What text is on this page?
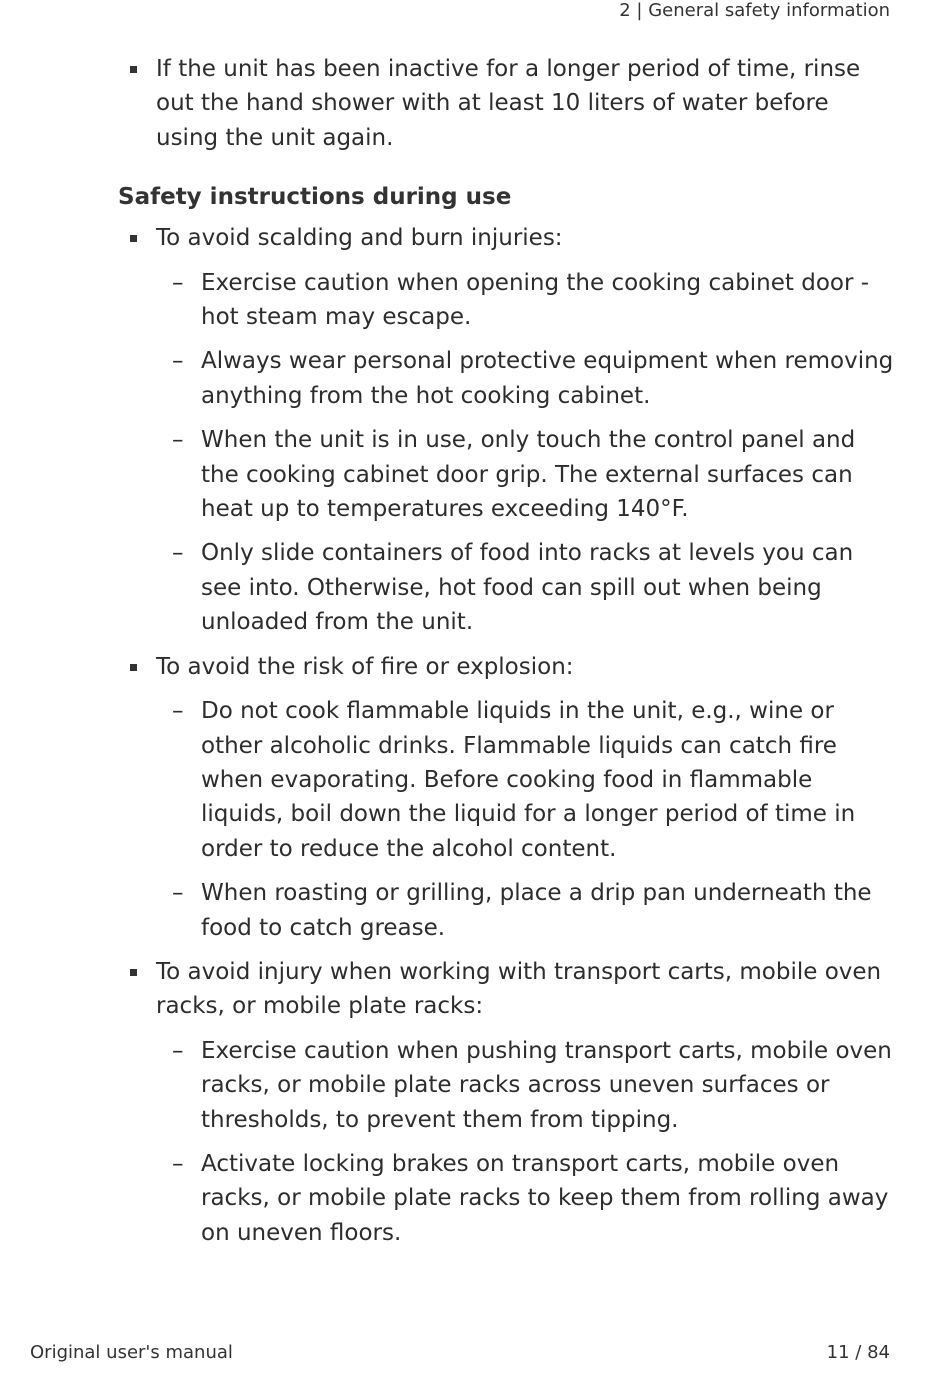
2 | General safety information
If the unit has been inactive for a longer period of time, rinse out the hand shower with at least 10 liters of water before using the unit again.
Safety instructions during use
To avoid scalding and burn injuries:
– Exercise caution when opening the cooking cabinet door - hot steam may escape.
– Always wear personal protective equipment when removing anything from the hot cooking cabinet.
– When the unit is in use, only touch the control panel and the cooking cabinet door grip. The external surfaces can heat up to temperatures exceeding 140°F.
– Only slide containers of food into racks at levels you can see into. Otherwise, hot food can spill out when being unloaded from the unit.
To avoid the risk of fire or explosion:
– Do not cook flammable liquids in the unit, e.g., wine or other alcoholic drinks. Flammable liquids can catch fire when evaporating. Before cooking food in flammable liquids, boil down the liquid for a longer period of time in order to reduce the alcohol content.
– When roasting or grilling, place a drip pan underneath the food to catch grease.
To avoid injury when working with transport carts, mobile oven racks, or mobile plate racks:
– Exercise caution when pushing transport carts, mobile oven racks, or mobile plate racks across uneven surfaces or thresholds, to prevent them from tipping.
– Activate locking brakes on transport carts, mobile oven racks, or mobile plate racks to keep them from rolling away on uneven floors.
Original user's manual	11 / 84
